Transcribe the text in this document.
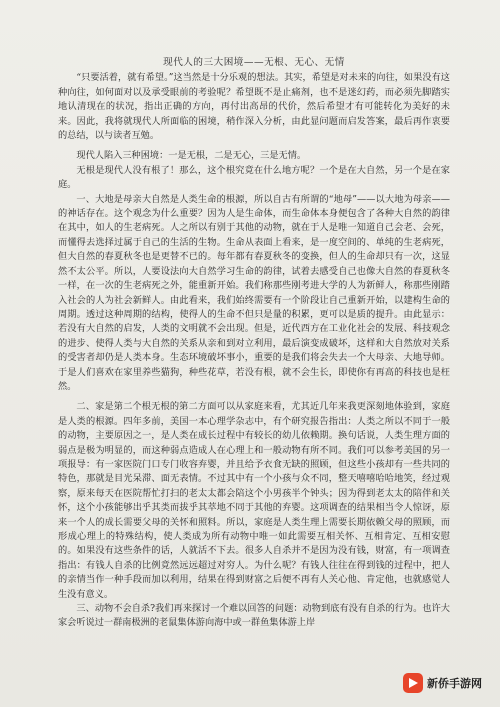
现代人的三大困境——无根、无心、无情

“只要活着，就有希望。”这当然是十分乐观的想法。其实，希望是对未来的向往，如果没有这种向往，如何面对以及承受眼前的考验呢？希望既不是止痛剂，也不是迷幻药，而必须先脚踏实地认清现在的状况，指出正确的方向，再付出高昂的代价，然后希望才有可能转化为美好的未来。因此，我将就现代人所面临的困境，稍作深入分析，由此显问题而启发答案，最后再作衷要的总结，以与读者互勉。

现代人陷入三种困境：一是无根，二是无心，三是无情。

无根是现代人没有根了！那么，这个根究竟在什么地方呢？一个是在大自然，另一个是在家庭。

一、大地是母亲大自然是人类生命的根源，所以自古有所谓的“地母”——以大地为母亲——的神话存在。这个观念为什么重要？因为人是生命体，而生命体本身便包含了各种大自然的韵律在其中，如人的生老病死。人之所以有别于其他的动物，就在于人是唯一知道自己会老、会死，而懂得去选择过属于自己的生活的生物。生命从表面上看来，是一度空间的、单纯的生老病死，但大自然的春夏秋冬也是更替不已的。每年都有春夏秋冬的变换，但人的生命却只有一次，这显然不太公平。所以，人要设法向大自然学习生命的韵律，试着去感受自己也像大自然的春夏秋冬一样，在一次的生老病死之外，能重新开始。我们称那些刚考进大学的人为新鲜人，称那些刚踏入社会的人为社会新鲜人。由此看来，我们始终需要有一个阶段让自己重新开始，以建构生命的周期。透过这种周期的结构，使得人的生命不但只是量的积累，更可以是质的提升。由此显示：若没有大自然的启发，人类的文明就不会出现。但是，近代西方在工业化社会的发展、科技观念的进步、使得人类与大自然的关系从亲和到对立利用，最后演变成破坏，这样和大自然放对关系的受害者却仍是人类本身。生态环境破坏事小，重要的是我们将会失去一个大母亲、大地导师。于是人们喜欢在家里养些猫狗，种些花草，若没有根，就不会生长，即使你有再高的科技也是枉然。

二、家是第二个根无根的第二方面可以从家庭来看，尤其近几年来我更深刻地体验到，家庭是人类的根源。四年多前，美国一本心理学杂志中，有个研究报告指出：人类之所以不同于一般的动物，主要原因之一，是人类在成长过程中有较长的幼儿依赖期。换句话说，人类生理方面的弱点是极为明显的，而这种弱点造成人在心理上和一般动物有所不同。我们可以参考美国的另一项报导：有一家医院门口专门收容弃婴，并且给予衣食无缺的照顾，但这些小孩却有一些共同的特色，那就是目光呆滞、面无表情。不过其中有一个小孩与众不同，整天嘻嘻哈哈地笑，经过观察，原来每天在医院帮忙打扫的老太太都会陪这个小男孩半个钟头；因为得到老太太的陪伴和关怀，这个小孩能够出乎其类而拔乎其萃地不同于其他的弃婴。这项调查的结果相当令人惊讶，原来一个人的成长需要父母的关怀和照料。所以，家庭是人类生理上需要长期依赖父母的照顾，而形成心理上的特殊结构，使人类成为所有动物中唯一如此需要互相关怀、互相肯定、互相安慰的。如果没有这些条件的话，人就活不下去。很多人自杀并不是因为没有钱，财富，有一项调查指出：有钱人自杀的比例竟然远远超过对穷人。为什么呢？有钱人往往在得到钱的过程中，把人的亲情当作一种手段而加以利用，结果在得到财富之后便不再有人关心他、肯定他，也就感觉人生没有意义。

三、动物不会自杀?我们再来探讨一个难以回答的问题：动物到底有没有自杀的行为。也许大家会听说过一群南极洲的老鼠集体游向海中或一群鱼集体游上岸

新侨手游网
